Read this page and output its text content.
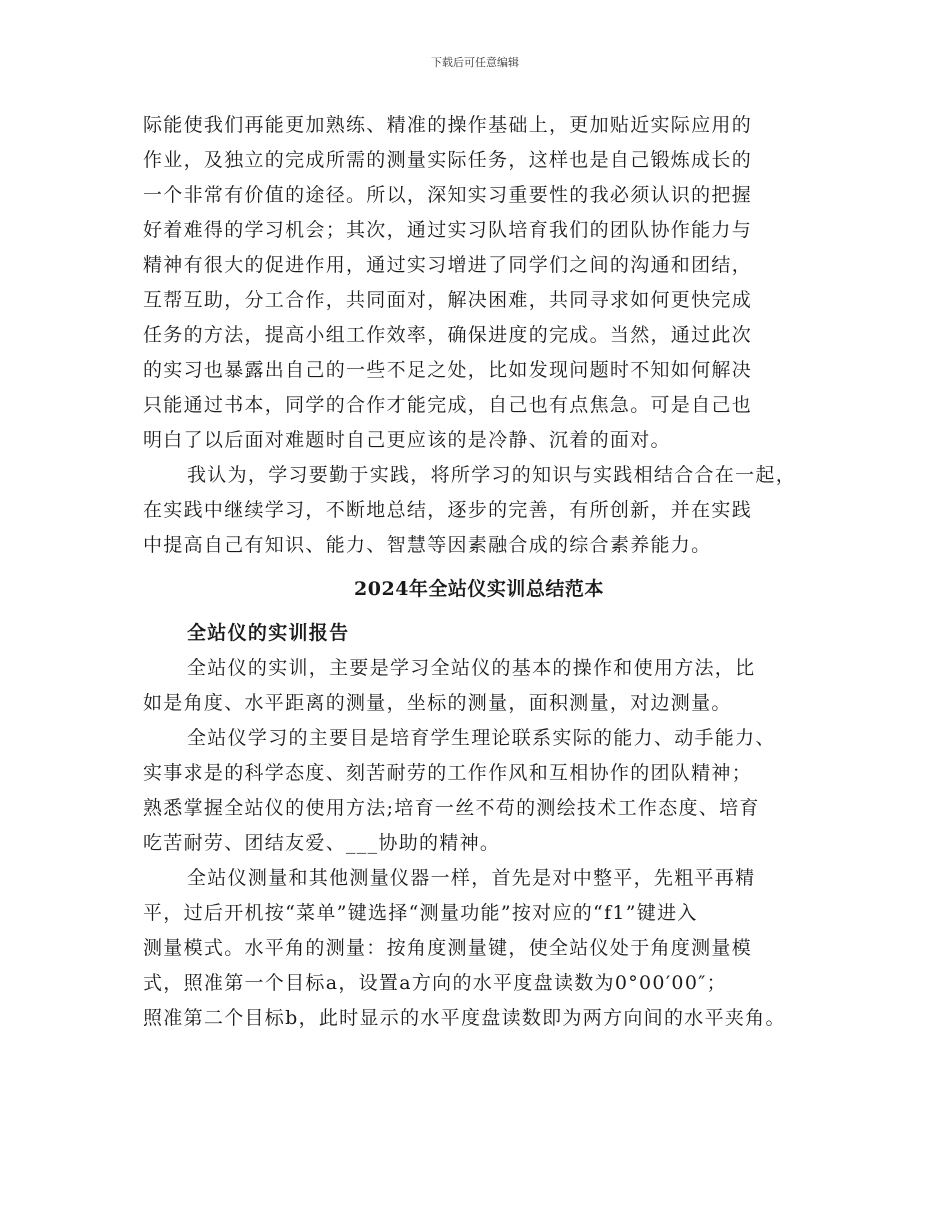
下载后可任意编辑
际能使我们再能更加熟练、精准的操作基础上，更加贴近实际应用的
作业，及独立的完成所需的测量实际任务，这样也是自己锻炼成长的
一个非常有价值的途径。所以，深知实习重要性的我必须认识的把握
好着难得的学习机会；其次，通过实习队培育我们的团队协作能力与
精神有很大的促进作用，通过实习增进了同学们之间的沟通和团结，
互帮互助，分工合作，共同面对，解决困难，共同寻求如何更快完成
任务的方法，提高小组工作效率，确保进度的完成。当然，通过此次
的实习也暴露出自己的一些不足之处，比如发现问题时不知如何解决
只能通过书本，同学的合作才能完成，自己也有点焦急。可是自己也
明白了以后面对难题时自己更应该的是冷静、沉着的面对。
我认为，学习要勤于实践，将所学习的知识与实践相结合合在一起，
在实践中继续学习，不断地总结，逐步的完善，有所创新，并在实践
中提高自己有知识、能力、智慧等因素融合成的综合素养能力。
2024年全站仪实训总结范本
全站仪的实训报告
全站仪的实训，主要是学习全站仪的基本的操作和使用方法，比
如是角度、水平距离的测量，坐标的测量，面积测量，对边测量。
全站仪学习的主要目是培育学生理论联系实际的能力、动手能力、
实事求是的科学态度、刻苦耐劳的工作作风和互相协作的团队精神；
熟悉掌握全站仪的使用方法;培育一丝不苟的测绘技术工作态度、培育
吃苦耐劳、团结友爱、___协助的精神。
全站仪测量和其他测量仪器一样，首先是对中整平，先粗平再精
平，过后开机按“菜单”键选择“测量功能”按对应的“f1”键进入
测量模式。水平角的测量：按角度测量键，使全站仪处于角度测量模
式，照准第一个目标a，设置a方向的水平度盘读数为0°00′00″；
照准第二个目标b，此时显示的水平度盘读数即为两方向间的水平夹角。
